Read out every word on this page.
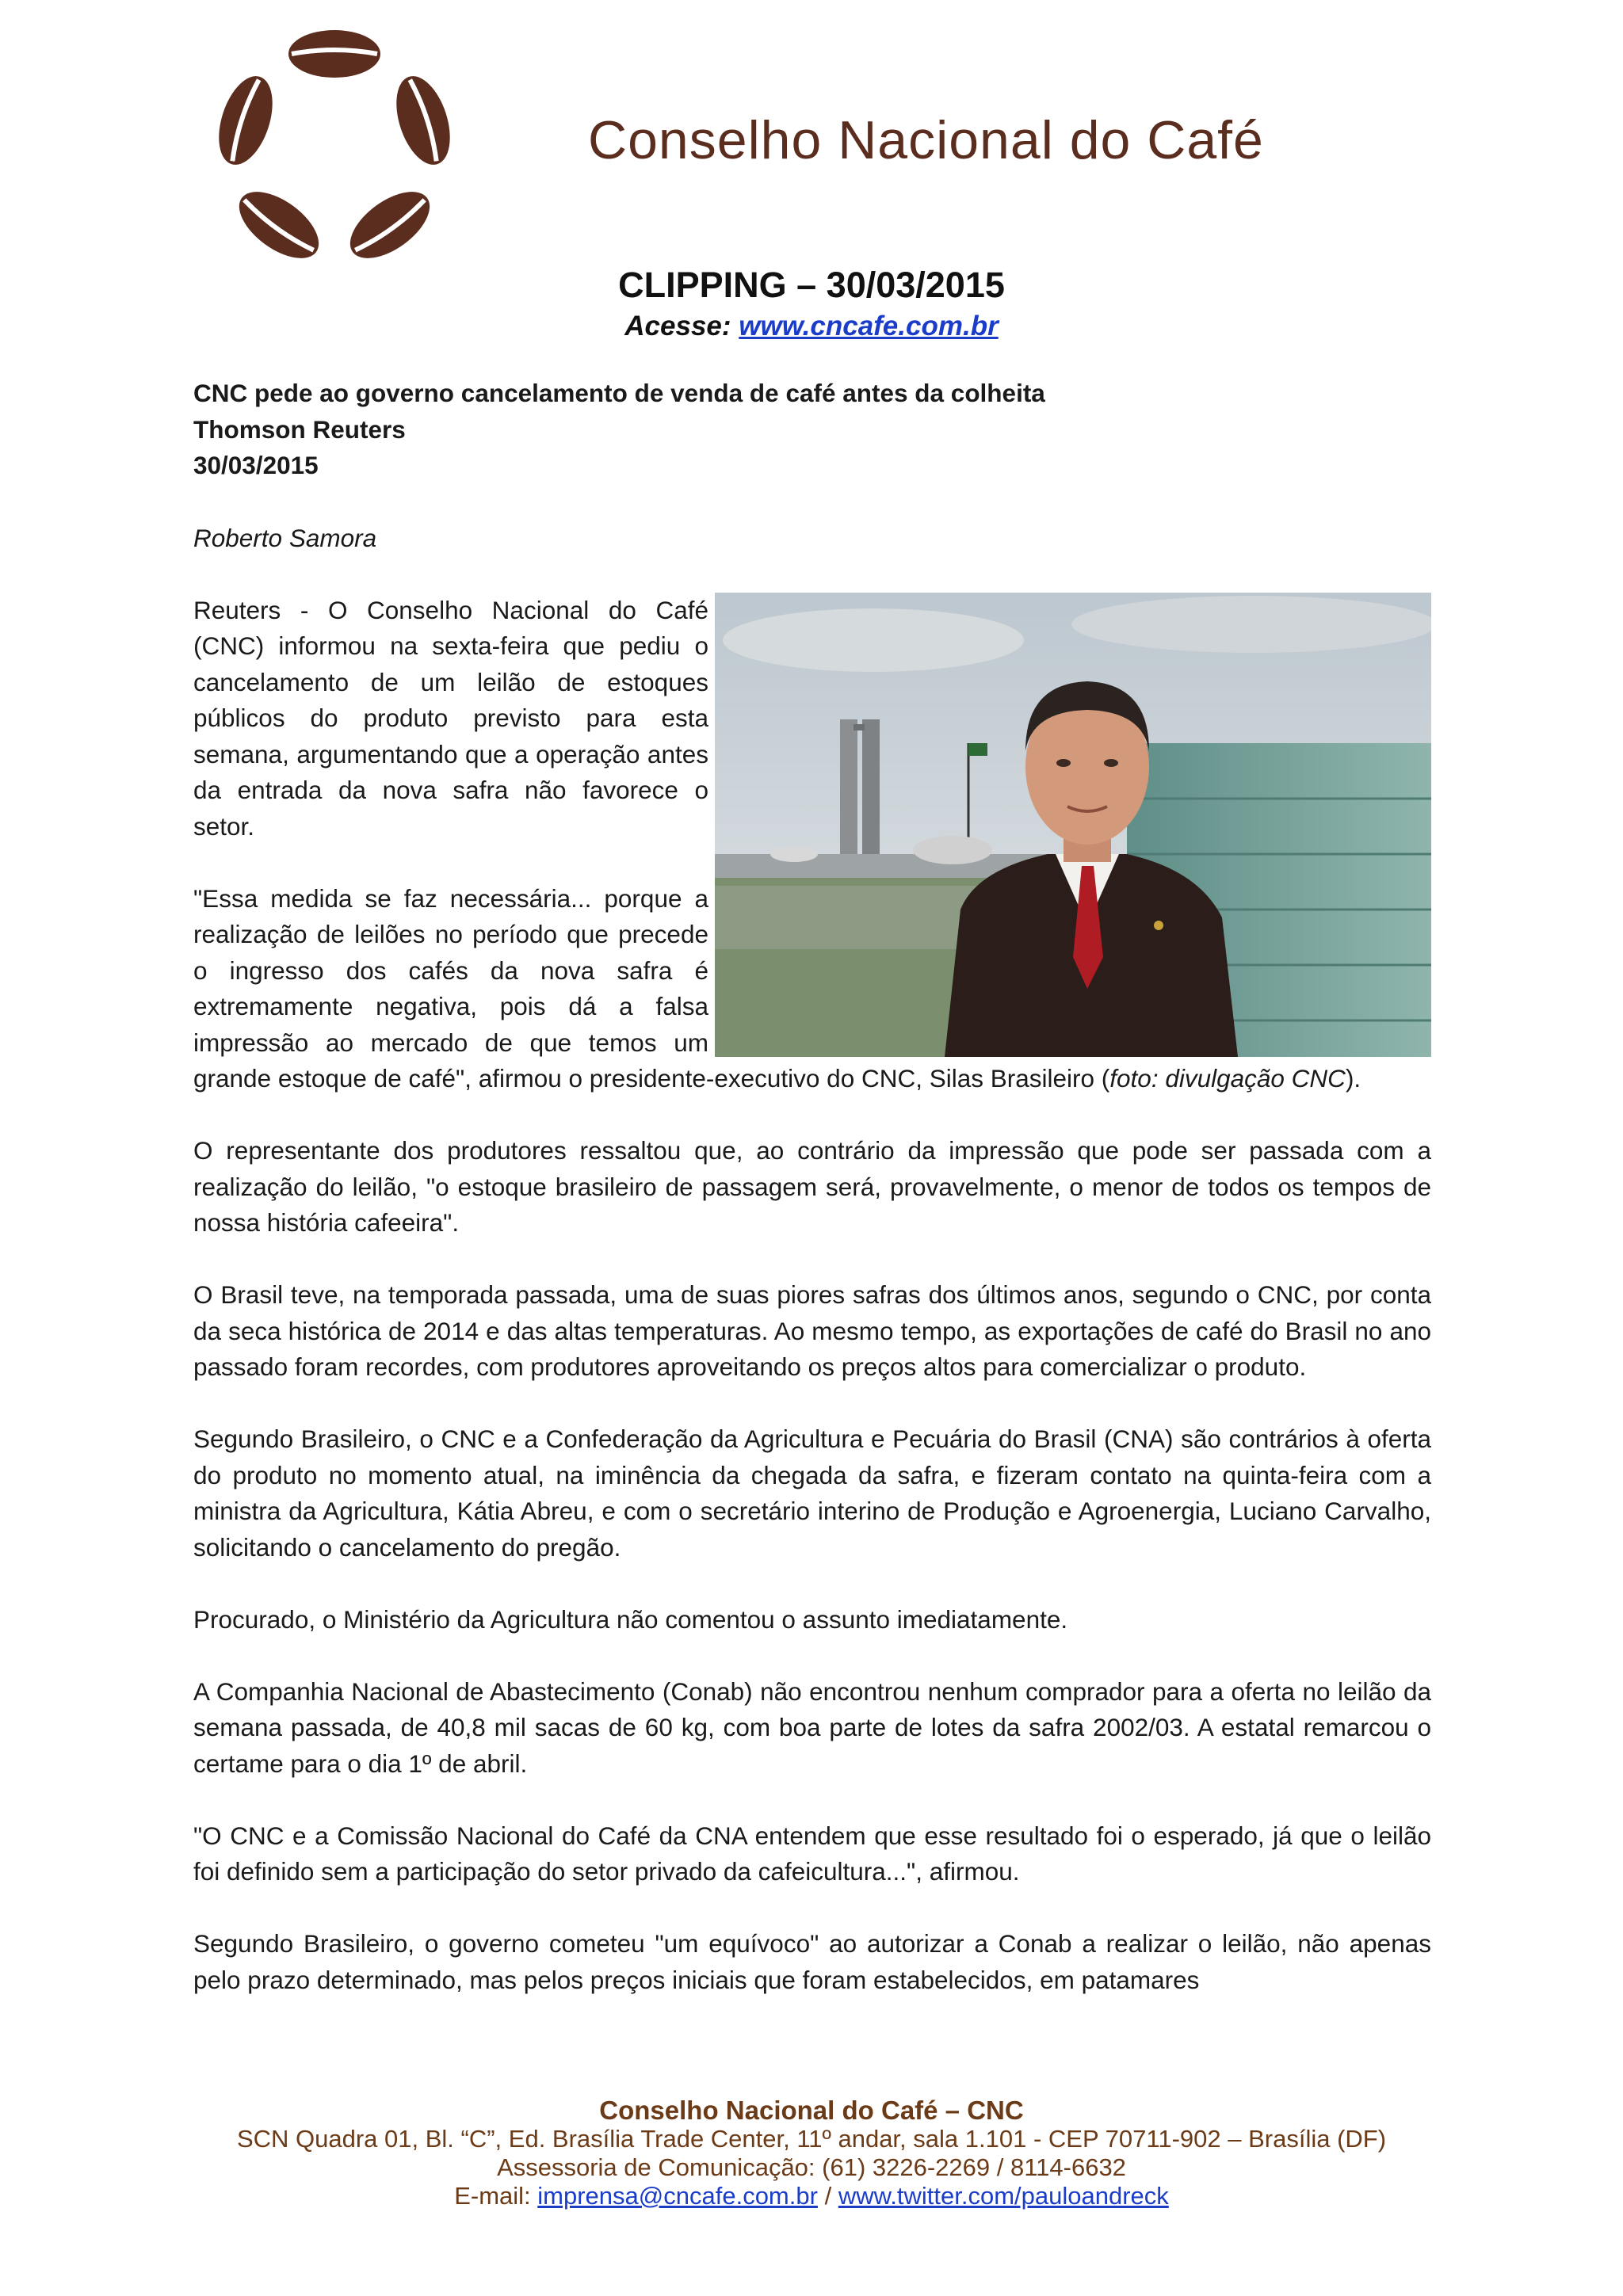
Conselho Nacional do Café
CLIPPING – 30/03/2015
Acesse: www.cncafe.com.br

CNC pede ao governo cancelamento de venda de café antes da colheita

Thomson Reuters

30/03/2015

Roberto Samora

Reuters - O Conselho Nacional do Café (CNC) informou na sexta-feira que pediu o cancelamento de um leilão de estoques públicos do produto previsto para esta semana, argumentando que a operação antes da entrada da nova safra não favorece o setor.

"Essa medida se faz necessária... porque a realização de leilões no período que precede o ingresso dos cafés da nova safra é extremamente negativa, pois dá a falsa impressão ao mercado de que temos um grande estoque de café", afirmou o presidente-executivo do CNC, Silas Brasileiro (foto: divulgação CNC).

O representante dos produtores ressaltou que, ao contrário da impressão que pode ser passada com a realização do leilão, "o estoque brasileiro de passagem será, provavelmente, o menor de todos os tempos de nossa história cafeeira".

O Brasil teve, na temporada passada, uma de suas piores safras dos últimos anos, segundo o CNC, por conta da seca histórica de 2014 e das altas temperaturas. Ao mesmo tempo, as exportações de café do Brasil no ano passado foram recordes, com produtores aproveitando os preços altos para comercializar o produto.

Segundo Brasileiro, o CNC e a Confederação da Agricultura e Pecuária do Brasil (CNA) são contrários à oferta do produto no momento atual, na iminência da chegada da safra, e fizeram contato na quinta-feira com a ministra da Agricultura, Kátia Abreu, e com o secretário interino de Produção e Agroenergia, Luciano Carvalho, solicitando o cancelamento do pregão.

Procurado, o Ministério da Agricultura não comentou o assunto imediatamente.

A Companhia Nacional de Abastecimento (Conab) não encontrou nenhum comprador para a oferta no leilão da semana passada, de 40,8 mil sacas de 60 kg, com boa parte de lotes da safra 2002/03. A estatal remarcou o certame para o dia 1º de abril.

"O CNC e a Comissão Nacional do Café da CNA entendem que esse resultado foi o esperado, já que o leilão foi definido sem a participação do setor privado da cafeicultura...", afirmou.

Segundo Brasileiro, o governo cometeu "um equívoco" ao autorizar a Conab a realizar o leilão, não apenas pelo prazo determinado, mas pelos preços iniciais que foram estabelecidos, em patamares

Conselho Nacional do Café – CNC
SCN Quadra 01, Bl. “C”, Ed. Brasília Trade Center, 11º andar, sala 1.101 - CEP 70711-902 – Brasília (DF)
Assessoria de Comunicação: (61) 3226-2269 / 8114-6632
E-mail: imprensa@cncafe.com.br / www.twitter.com/pauloandreck
